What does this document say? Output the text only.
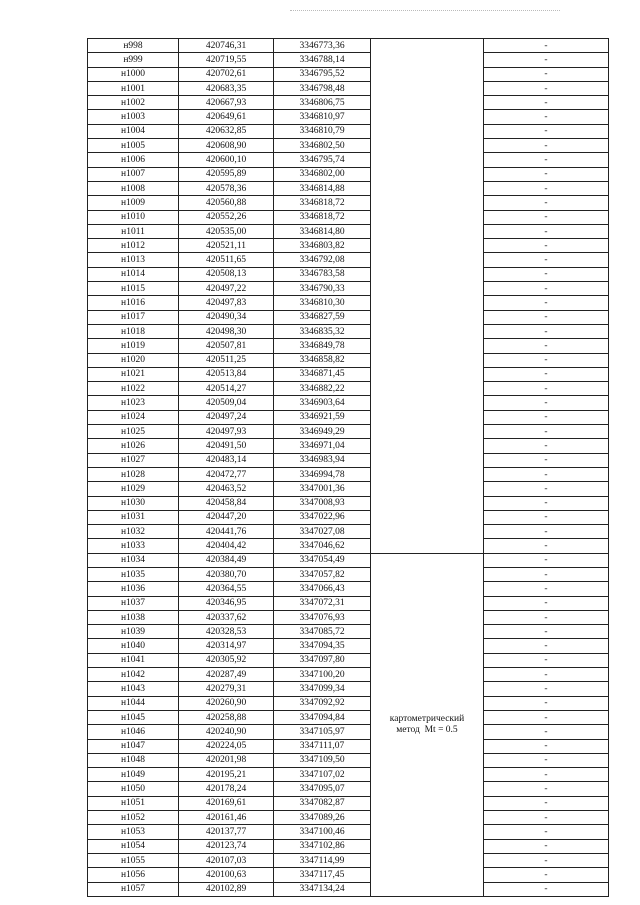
н998	420746,31	3346773,36		-
н999	420719,55	3346788,14		-
н1000	420702,61	3346795,52		-
н1001	420683,35	3346798,48		-
н1002	420667,93	3346806,75		-
н1003	420649,61	3346810,97		-
н1004	420632,85	3346810,79		-
н1005	420608,90	3346802,50		-
н1006	420600,10	3346795,74		-
н1007	420595,89	3346802,00		-
н1008	420578,36	3346814,88		-
н1009	420560,88	3346818,72		-
н1010	420552,26	3346818,72		-
н1011	420535,00	3346814,80		-
н1012	420521,11	3346803,82		-
н1013	420511,65	3346792,08		-
н1014	420508,13	3346783,58		-
н1015	420497,22	3346790,33		-
н1016	420497,83	3346810,30		-
н1017	420490,34	3346827,59		-
н1018	420498,30	3346835,32		-
н1019	420507,81	3346849,78		-
н1020	420511,25	3346858,82		-
н1021	420513,84	3346871,45		-
н1022	420514,27	3346882,22		-
н1023	420509,04	3346903,64		-
н1024	420497,24	3346921,59		-
н1025	420497,93	3346949,29		-
н1026	420491,50	3346971,04		-
н1027	420483,14	3346983,94		-
н1028	420472,77	3346994,78		-
н1029	420463,52	3347001,36		-
н1030	420458,84	3347008,93		-
н1031	420447,20	3347022,96		-
н1032	420441,76	3347027,08		-
н1033	420404,42	3347046,62		-
н1034	420384,49	3347054,49	картометрический
метод  Mt = 0.5	-
н1035	420380,70	3347057,82		-
н1036	420364,55	3347066,43		-
н1037	420346,95	3347072,31		-
н1038	420337,62	3347076,93		-
н1039	420328,53	3347085,72		-
н1040	420314,97	3347094,35		-
н1041	420305,92	3347097,80		-
н1042	420287,49	3347100,20		-
н1043	420279,31	3347099,34		-
н1044	420260,90	3347092,92		-
н1045	420258,88	3347094,84		-
н1046	420240,90	3347105,97		-
н1047	420224,05	3347111,07		-
н1048	420201,98	3347109,50		-
н1049	420195,21	3347107,02		-
н1050	420178,24	3347095,07		-
н1051	420169,61	3347082,87		-
н1052	420161,46	3347089,26		-
н1053	420137,77	3347100,46		-
н1054	420123,74	3347102,86		-
н1055	420107,03	3347114,99		-
н1056	420100,63	3347117,45		-
н1057	420102,89	3347134,24		-
